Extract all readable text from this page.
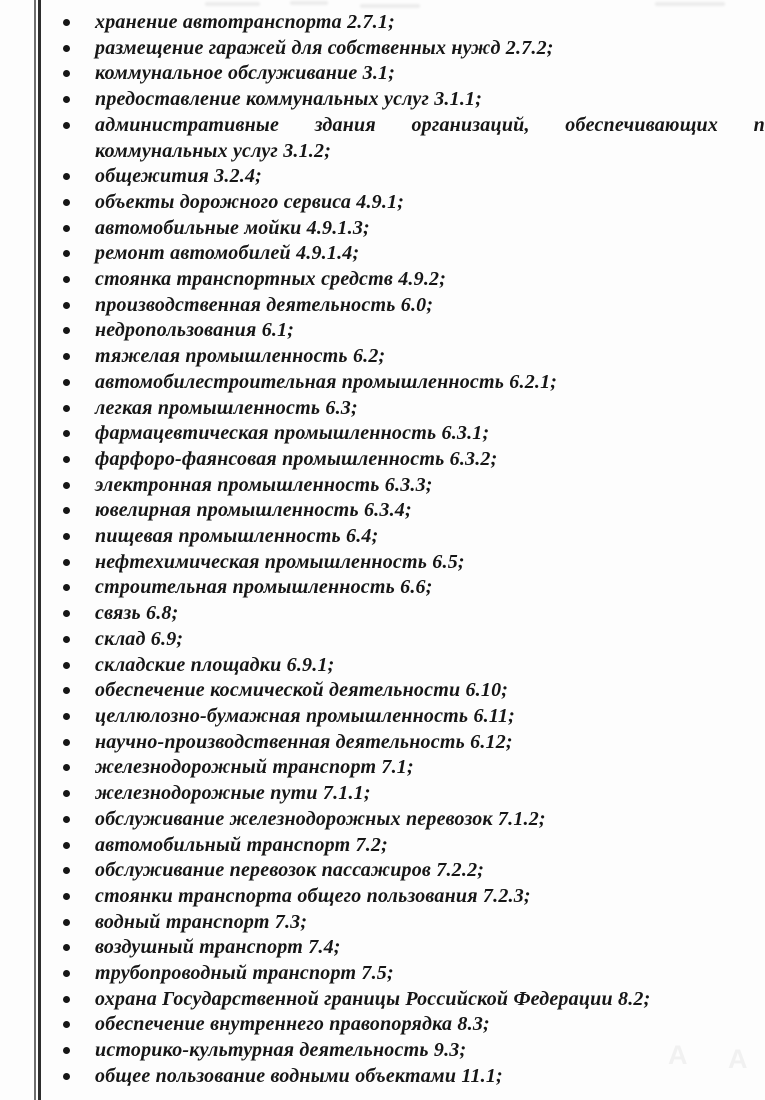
хранение автотранспорта 2.7.1;
размещение гаражей для собственных нужд 2.7.2;
коммунальное обслуживание 3.1;
предоставление коммунальных услуг 3.1.1;
административные здания организаций, обеспечивающих п
коммунальных услуг 3.1.2;
общежития 3.2.4;
объекты дорожного сервиса 4.9.1;
автомобильные мойки 4.9.1.3;
ремонт автомобилей 4.9.1.4;
стоянка транспортных средств 4.9.2;
производственная деятельность 6.0;
недропользования 6.1;
тяжелая промышленность 6.2;
автомобилестроительная промышленность 6.2.1;
легкая промышленность 6.3;
фармацевтическая промышленность 6.3.1;
фарфоро-фаянсовая промышленность 6.3.2;
электронная промышленность 6.3.3;
ювелирная промышленность 6.3.4;
пищевая промышленность 6.4;
нефтехимическая промышленность 6.5;
строительная промышленность 6.6;
связь 6.8;
склад 6.9;
складские площадки 6.9.1;
обеспечение космической деятельности 6.10;
целлюлозно-бумажная промышленность 6.11;
научно-производственная деятельность 6.12;
железнодорожный транспорт 7.1;
железнодорожные пути 7.1.1;
обслуживание железнодорожных перевозок 7.1.2;
автомобильный транспорт 7.2;
обслуживание перевозок пассажиров 7.2.2;
стоянки транспорта общего пользования 7.2.3;
водный транспорт 7.3;
воздушный транспорт 7.4;
трубопроводный транспорт 7.5;
охрана Государственной границы Российской Федерации 8.2;
обеспечение внутреннего правопорядка 8.3;
историко-культурная деятельность 9.3;
общее пользование водными объектами 11.1;
A A
